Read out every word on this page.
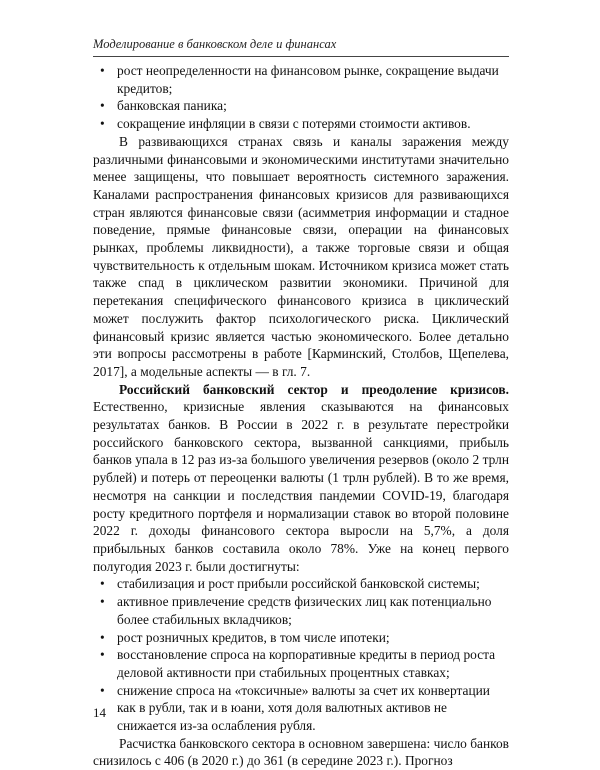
Моделирование в банковском деле и финансах
• рост неопределенности на финансовом рынке, сокращение выдачи кредитов;
• банковская паника;
• сокращение инфляции в связи с потерями стоимости активов.

В развивающихся странах связь и каналы заражения между различными финансовыми и экономическими институтами значительно менее защищены, что повышает вероятность системного заражения. Каналами распространения финансовых кризисов для развивающихся стран являются финансовые связи (асимметрия информации и стадное поведение, прямые финансовые связи, операции на финансовых рынках, проблемы ликвидности), а также торговые связи и общая чувствительность к отдельным шокам. Источником кризиса может стать также спад в циклическом развитии экономики. Причиной для перетекания специфического финансового кризиса в циклический может послужить фактор психологического риска. Циклический финансовый кризис является частью экономического. Более детально эти вопросы рассмотрены в работе [Карминский, Столбов, Щепелева, 2017], а модельные аспекты — в гл. 7.

Российский банковский сектор и преодоление кризисов. Естественно, кризисные явления сказываются на финансовых результатах банков. В России в 2022 г. в результате перестройки российского банковского сектора, вызванной санкциями, прибыль банков упала в 12 раз из-за большого увеличения резервов (около 2 трлн рублей) и потерь от переоценки валюты (1 трлн рублей). В то же время, несмотря на санкции и последствия пандемии COVID-19, благодаря росту кредитного портфеля и нормализации ставок во второй половине 2022 г. доходы финансового сектора выросли на 5,7%, а доля прибыльных банков составила около 78%. Уже на конец первого полугодия 2023 г. были достигнуты:

• стабилизация и рост прибыли российской банковской системы;
• активное привлечение средств физических лиц как потенциально более стабильных вкладчиков;
• рост розничных кредитов, в том числе ипотеки;
• восстановление спроса на корпоративные кредиты в период роста деловой активности при стабильных процентных ставках;
• снижение спроса на «токсичные» валюты за счет их конвертации как в рубли, так и в юани, хотя доля валютных активов не снижается из-за ослабления рубля.

Расчистка банковского сектора в основном завершена: число банков снизилось с 406 (в 2020 г.) до 361 (в середине 2023 г.). Прогноз

14
